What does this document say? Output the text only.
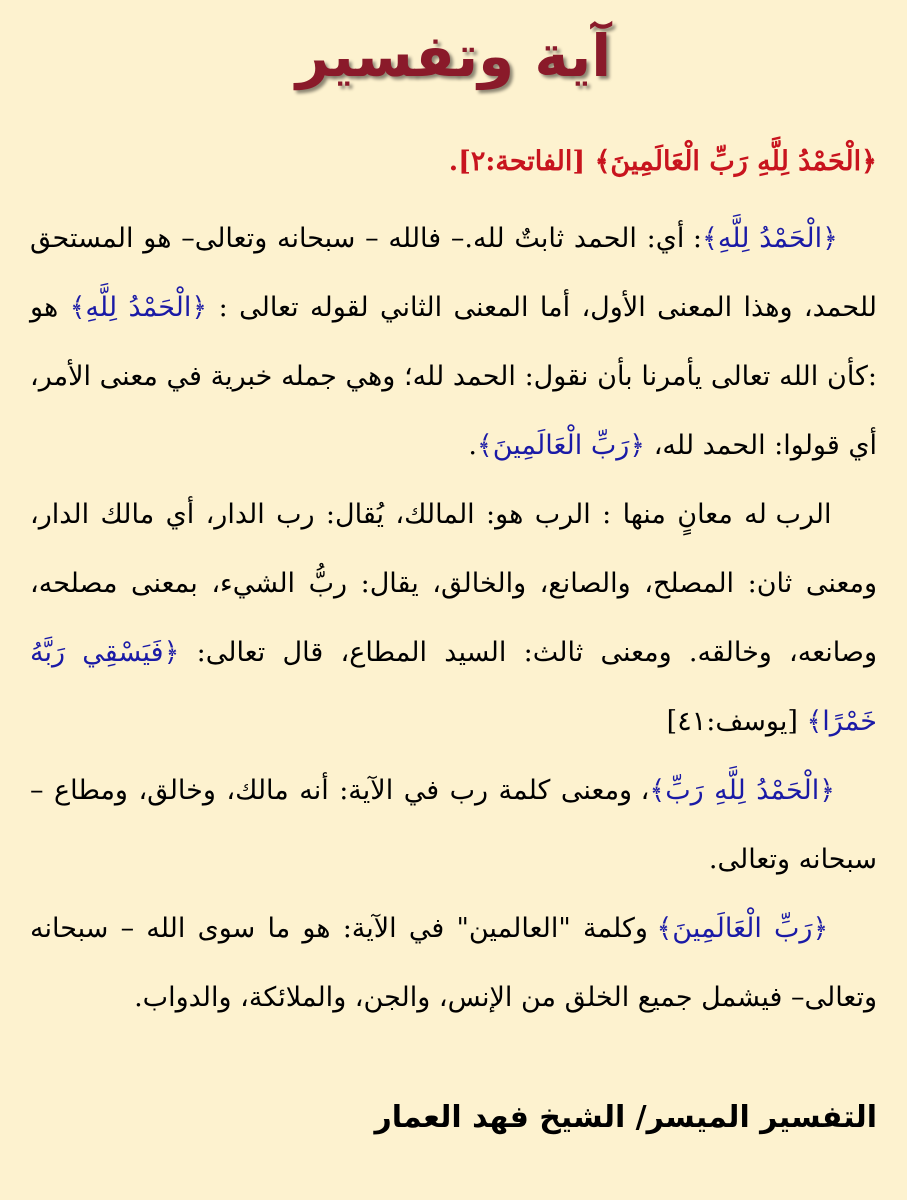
آية وتفسير
﴿الْحَمْدُ لِلَّهِ رَبِّ الْعَالَمِينَ﴾ [الفاتحة:٢].

﴿الْحَمْدُ لِلَّهِ﴾: أي: الحمد ثابتٌ لله.– فالله – سبحانه وتعالى– هو المستحق للحمد، وهذا المعنى الأول، أما المعنى الثاني لقوله تعالى : ﴿الْحَمْدُ لِلَّهِ﴾ هو :كأن الله تعالى يأمرنا بأن نقول: الحمد لله؛ وهي جمله خبرية في معنى الأمر، أي قولوا: الحمد لله، ﴿رَبِّ الْعَالَمِينَ﴾.

الرب له معانٍ منها : الرب هو: المالك، يُقال: رب الدار، أي مالك الدار، ومعنى ثان: المصلح، والصانع، والخالق، يقال: ربُّ الشيء، بمعنى مصلحه، وصانعه، وخالقه. ومعنى ثالث: السيد المطاع، قال تعالى: ﴿فَيَسْقِي رَبَّهُ خَمْرًا﴾ [يوسف:٤١]

﴿الْحَمْدُ لِلَّهِ رَبِّ﴾، ومعنى كلمة رب في الآية: أنه مالك، وخالق، ومطاع – سبحانه وتعالى.

﴿رَبِّ الْعَالَمِينَ﴾ وكلمة "العالمين" في الآية: هو ما سوى الله – سبحانه وتعالى– فيشمل جميع الخلق من الإنس، والجن، والملائكة، والدواب.

التفسير الميسر/ الشيخ فهد العمار
